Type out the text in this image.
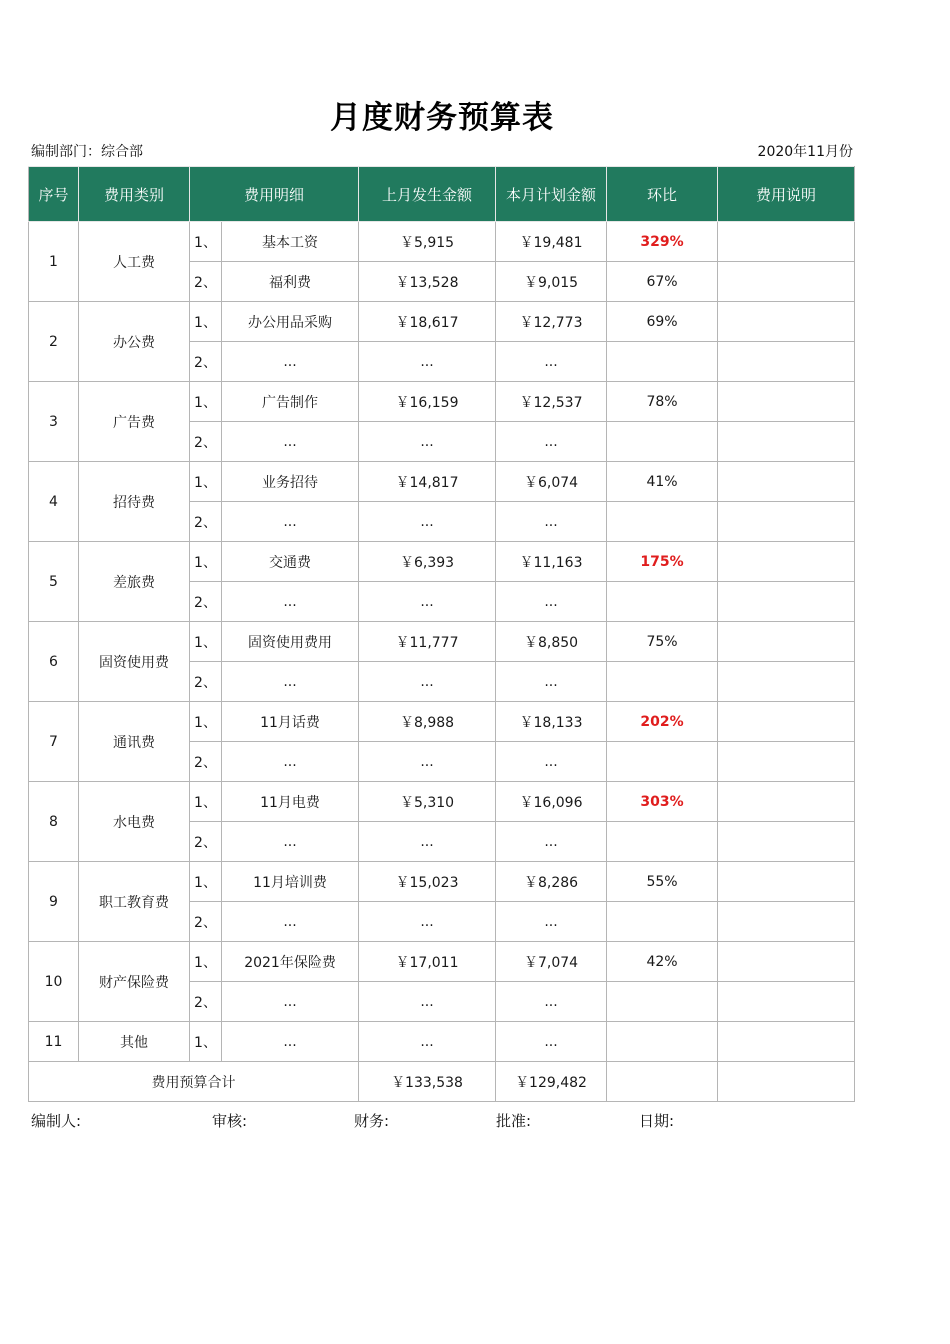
月度财务预算表
编制部门：综合部	2020年11月份
序号	费用类别	费用明细		上月发生金额	本月计划金额	环比	费用说明
1	人工费	1、	基本工资	￥5,915	￥19,481	329%	
		2、	福利费	￥13,528	￥9,015	67%	
2	办公费	1、	办公用品采购	￥18,617	￥12,773	69%	
		2、	...	...	...		
3	广告费	1、	广告制作	￥16,159	￥12,537	78%	
		2、	...	...	...		
4	招待费	1、	业务招待	￥14,817	￥6,074	41%	
		2、	...	...	...		
5	差旅费	1、	交通费	￥6,393	￥11,163	175%	
		2、	...	...	...		
6	固资使用费	1、	固资使用费用	￥11,777	￥8,850	75%	
		2、	...	...	...		
7	通讯费	1、	11月话费	￥8,988	￥18,133	202%	
		2、	...	...	...		
8	水电费	1、	11月电费	￥5,310	￥16,096	303%	
		2、	...	...	...		
9	职工教育费	1、	11月培训费	￥15,023	￥8,286	55%	
		2、	...	...	...		
10	财产保险费	1、	2021年保险费	￥17,011	￥7,074	42%	
		2、	...	...	...		
11	其他	1、	...	...	...		
费用预算合计				￥133,538	￥129,482		
编制人:	审核:	财务:	批准:	日期:
